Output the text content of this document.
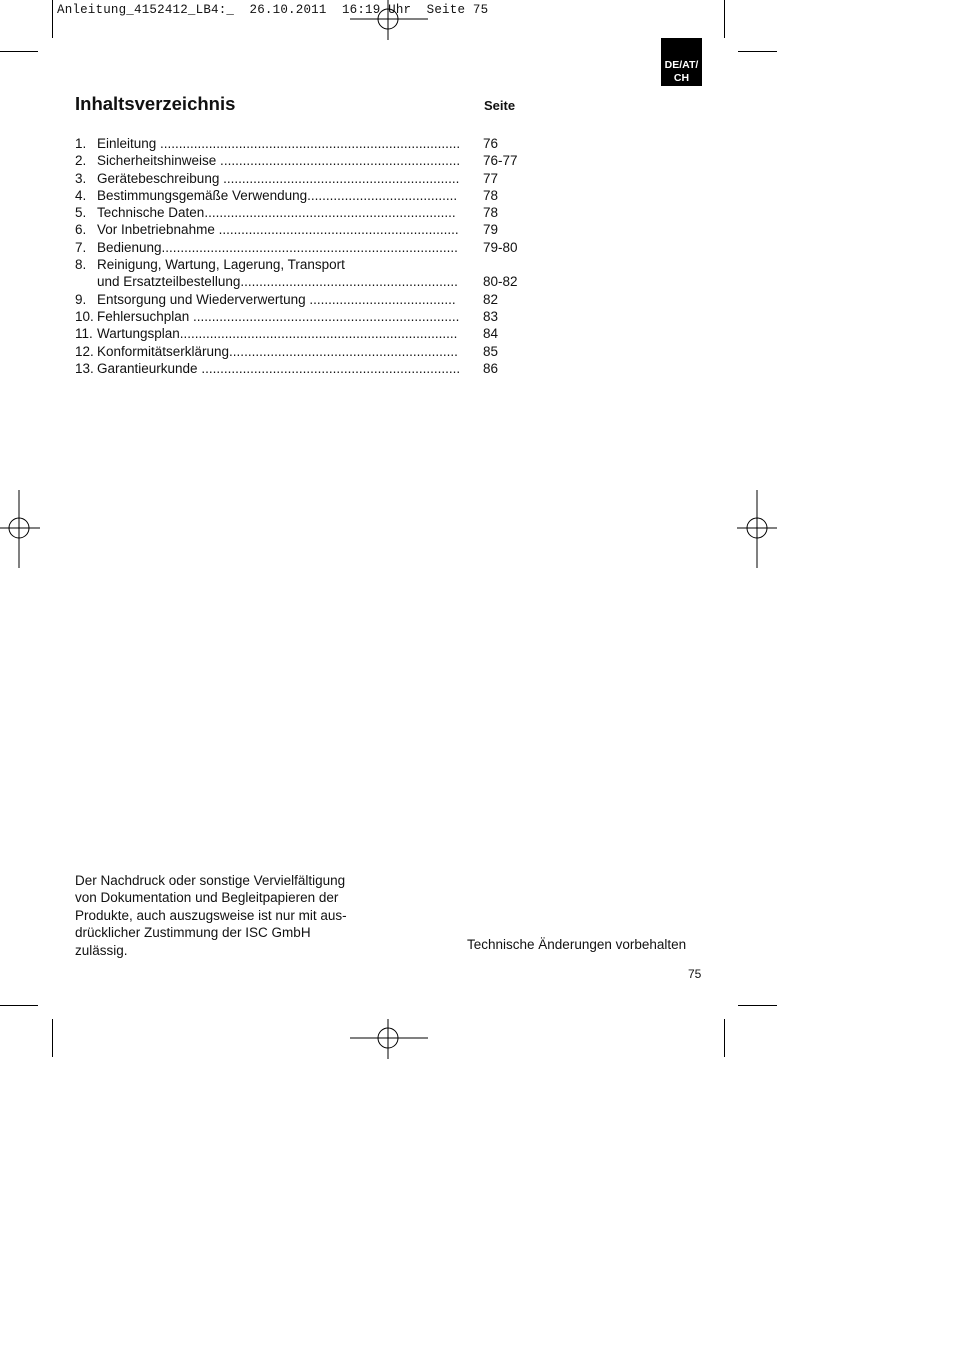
Anleitung_4152412_LB4:_  26.10.2011  16:19 Uhr  Seite 75
DE/AT/
CH
Inhaltsverzeichnis	Seite
1. Einleitung ................................................................................ 76
2. Sicherheitshinweise ................................................................ 76-77
3. Gerätebeschreibung ............................................................... 77
4. Bestimmungsgemäße Verwendung........................................ 78
5. Technische Daten................................................................... 78
6. Vor Inbetriebnahme ................................................................ 79
7. Bedienung............................................................................... 79-80
8. Reinigung, Wartung, Lagerung, Transport
und Ersatzteilbestellung.......................................................... 80-82
9. Entsorgung und Wiederverwertung ....................................... 82
10. Fehlersuchplan ....................................................................... 83
11. Wartungsplan.......................................................................... 84
12. Konformitätserklärung............................................................. 85
13. Garantieurkunde ..................................................................... 86
Der Nachdruck oder sonstige Vervielfältigung
von Dokumentation und Begleitpapieren der
Produkte, auch auszugsweise ist nur mit aus-
drücklicher Zustimmung der ISC GmbH
zulässig.	Technische Änderungen vorbehalten
75
